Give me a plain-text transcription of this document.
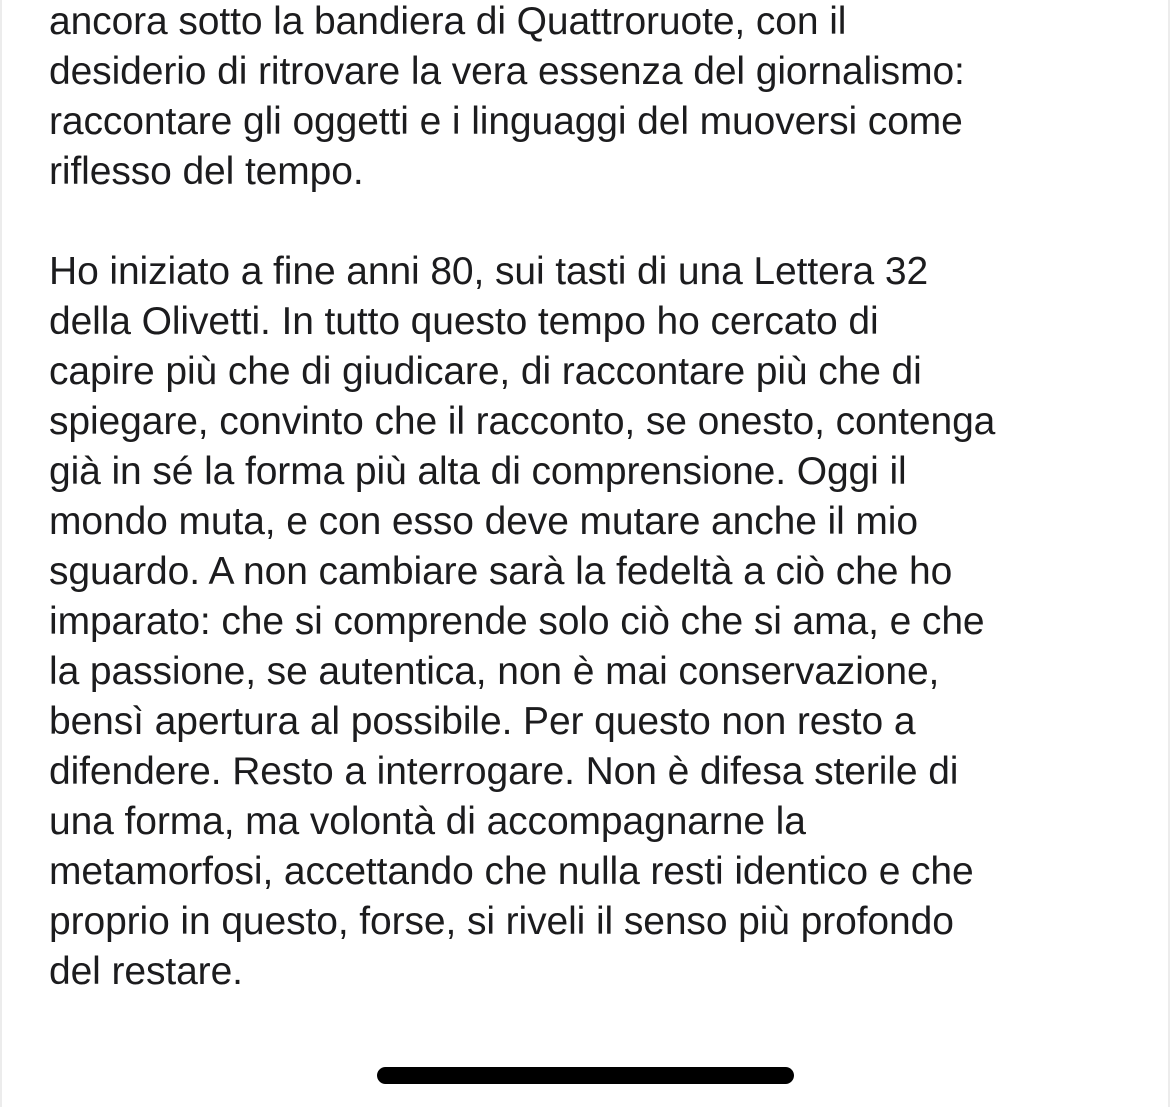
ancora sotto la bandiera di Quattroruote, con il
desiderio di ritrovare la vera essenza del giornalismo:
raccontare gli oggetti e i linguaggi del muoversi come
riflesso del tempo.

Ho iniziato a fine anni 80, sui tasti di una Lettera 32
della Olivetti. In tutto questo tempo ho cercato di
capire più che di giudicare, di raccontare più che di
spiegare, convinto che il racconto, se onesto, contenga
già in sé la forma più alta di comprensione. Oggi il
mondo muta, e con esso deve mutare anche il mio
sguardo. A non cambiare sarà la fedeltà a ciò che ho
imparato: che si comprende solo ciò che si ama, e che
la passione, se autentica, non è mai conservazione,
bensì apertura al possibile. Per questo non resto a
difendere. Resto a interrogare. Non è difesa sterile di
una forma, ma volontà di accompagnarne la
metamorfosi, accettando che nulla resti identico e che
proprio in questo, forse, si riveli il senso più profondo
del restare.
